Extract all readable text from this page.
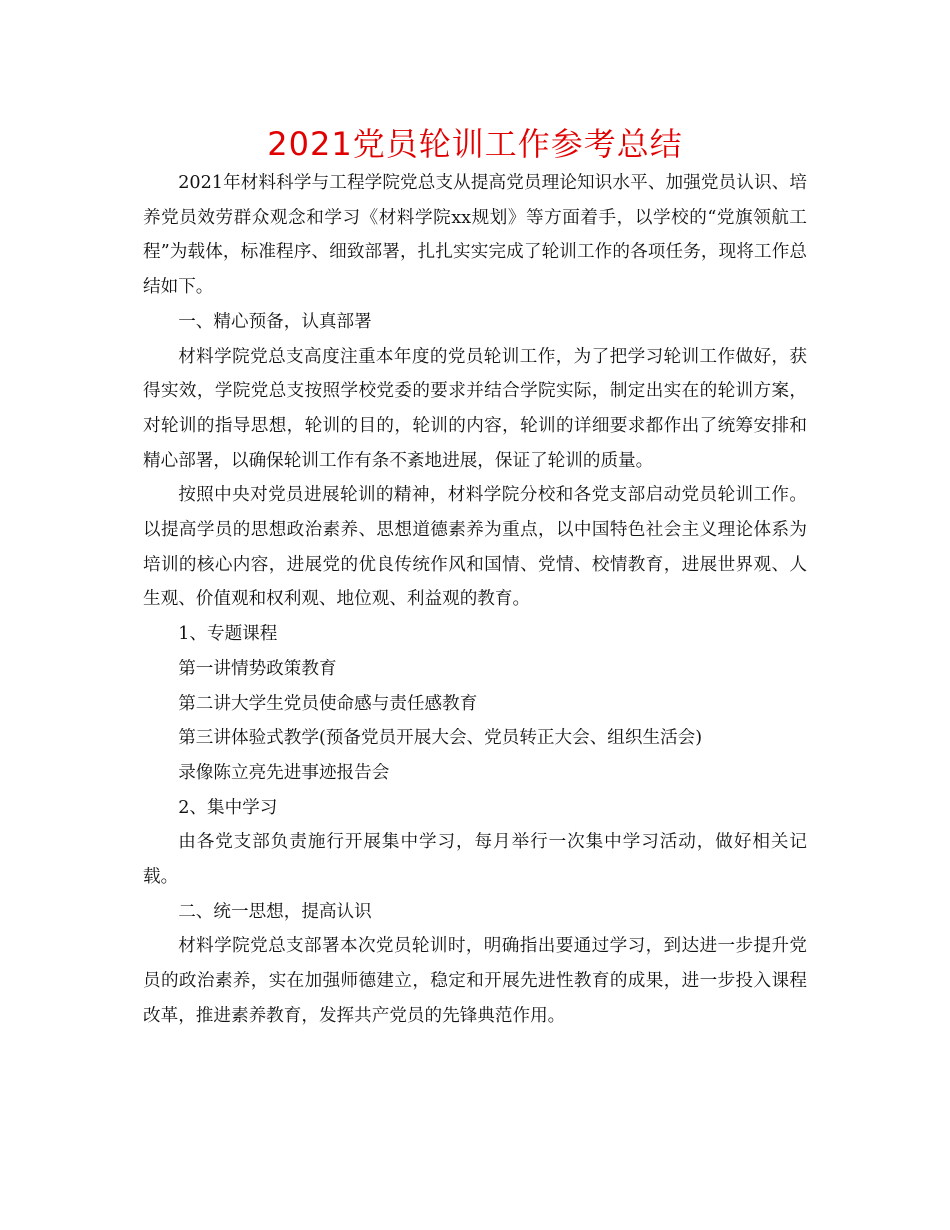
2021党员轮训工作参考总结

2021年材料科学与工程学院党总支从提高党员理论知识水平、加强党员认识、培养党员效劳群众观念和学习《材料学院xx规划》等方面着手，以学校的“党旗领航工程”为载体，标准程序、细致部署，扎扎实实完成了轮训工作的各项任务，现将工作总结如下。

一、精心预备，认真部署

材料学院党总支高度注重本年度的党员轮训工作，为了把学习轮训工作做好，获得实效，学院党总支按照学校党委的要求并结合学院实际，制定出实在的轮训方案，对轮训的指导思想，轮训的目的，轮训的内容，轮训的详细要求都作出了统筹安排和精心部署，以确保轮训工作有条不紊地进展，保证了轮训的质量。

按照中央对党员进展轮训的精神，材料学院分校和各党支部启动党员轮训工作。以提高学员的思想政治素养、思想道德素养为重点，以中国特色社会主义理论体系为培训的核心内容，进展党的优良传统作风和国情、党情、校情教育，进展世界观、人生观、价值观和权利观、地位观、利益观的教育。

1、专题课程

第一讲情势政策教育

第二讲大学生党员使命感与责任感教育

第三讲体验式教学(预备党员开展大会、党员转正大会、组织生活会)

录像陈立亮先进事迹报告会

2、集中学习

由各党支部负责施行开展集中学习，每月举行一次集中学习活动，做好相关记载。

二、统一思想，提高认识

材料学院党总支部署本次党员轮训时，明确指出要通过学习，到达进一步提升党员的政治素养，实在加强师德建立，稳定和开展先进性教育的成果，进一步投入课程改革，推进素养教育，发挥共产党员的先锋典范作用。
